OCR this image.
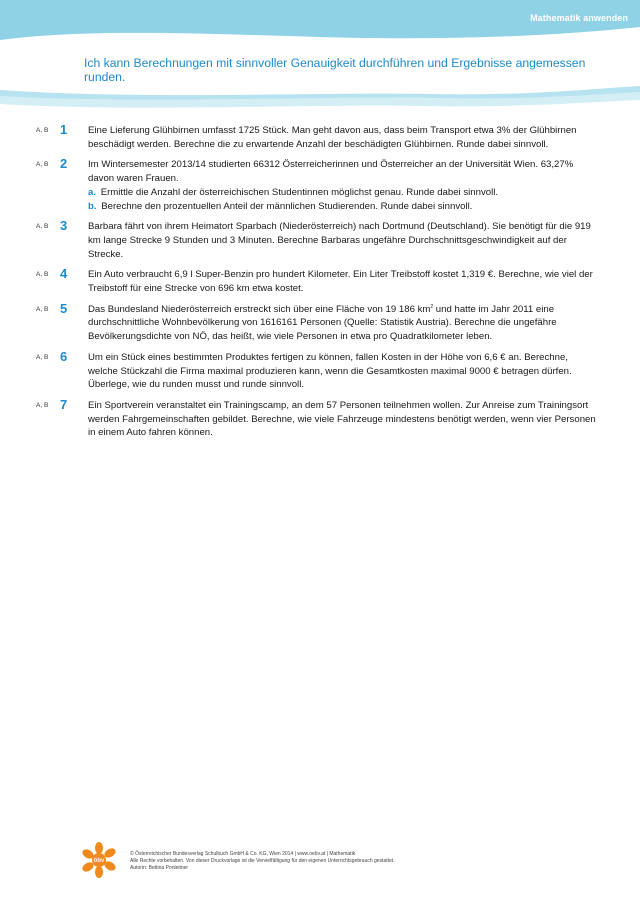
Mathematik anwenden
Ich kann Berechnungen mit sinnvoller Genauigkeit durchführen und Ergebnisse angemessen runden.
A, B 1 Eine Lieferung Glühbirnen umfasst 1725 Stück. Man geht davon aus, dass beim Transport etwa 3% der Glühbirnen beschädigt werden. Berechne die zu erwartende Anzahl der beschädigten Glühbirnen. Runde dabei sinnvoll.
A, B 2 Im Wintersemester 2013/14 studierten 66312 Österreicherinnen und Österreicher an der Universität Wien. 63,27% davon waren Frauen.
a. Ermittle die Anzahl der österreichischen Studentinnen möglichst genau. Runde dabei sinnvoll.
b. Berechne den prozentuellen Anteil der männlichen Studierenden. Runde dabei sinnvoll.
A, B 3 Barbara fährt von ihrem Heimatort Sparbach (Niederösterreich) nach Dortmund (Deutschland). Sie benötigt für die 919 km lange Strecke 9 Stunden und 3 Minuten. Berechne Barbaras ungefähre Durchschnittsgeschwindigkeit auf der Strecke.
A, B 4 Ein Auto verbraucht 6,9 l Super-Benzin pro hundert Kilometer. Ein Liter Treibstoff kostet 1,319 €. Berechne, wie viel der Treibstoff für eine Strecke von 696 km etwa kostet.
A, B 5 Das Bundesland Niederösterreich erstreckt sich über eine Fläche von 19 186 $km^2$ und hatte im Jahr 2011 eine durchschnittliche Wohnbevölkerung von 1616161 Personen (Quelle: Statistik Austria). Berechne die ungefähre Bevölkerungsdichte von NÖ, das heißt, wie viele Personen in etwa pro Quadratkilometer leben.
A, B 6 Um ein Stück eines bestimmten Produktes fertigen zu können, fallen Kosten in der Höhe von 6,6 € an. Berechne, welche Stückzahl die Firma maximal produzieren kann, wenn die Gesamtkosten maximal 9000 € betragen dürfen. Überlege, wie du runden musst und runde sinnvoll.
A, B 7 Ein Sportverein veranstaltet ein Trainingscamp, an dem 57 Personen teilnehmen wollen. Zur Anreise zum Trainingsort werden Fahrgemeinschaften gebildet. Berechne, wie viele Fahrzeuge mindestens benötigt werden, wenn vier Personen in einem Auto fahren können.
öbv
© Österreichischer Bundesverlag Schulbuch GmbH & Co. KG, Wien 2014 | www.oebv.at | Mathematik
Alle Rechte vorbehalten. Von dieser Druckvorlage ist die Vervielfältigung für den eigenen Unterrichtsgebrauch gestattet.
Autorin: Bettina Ponleitner
